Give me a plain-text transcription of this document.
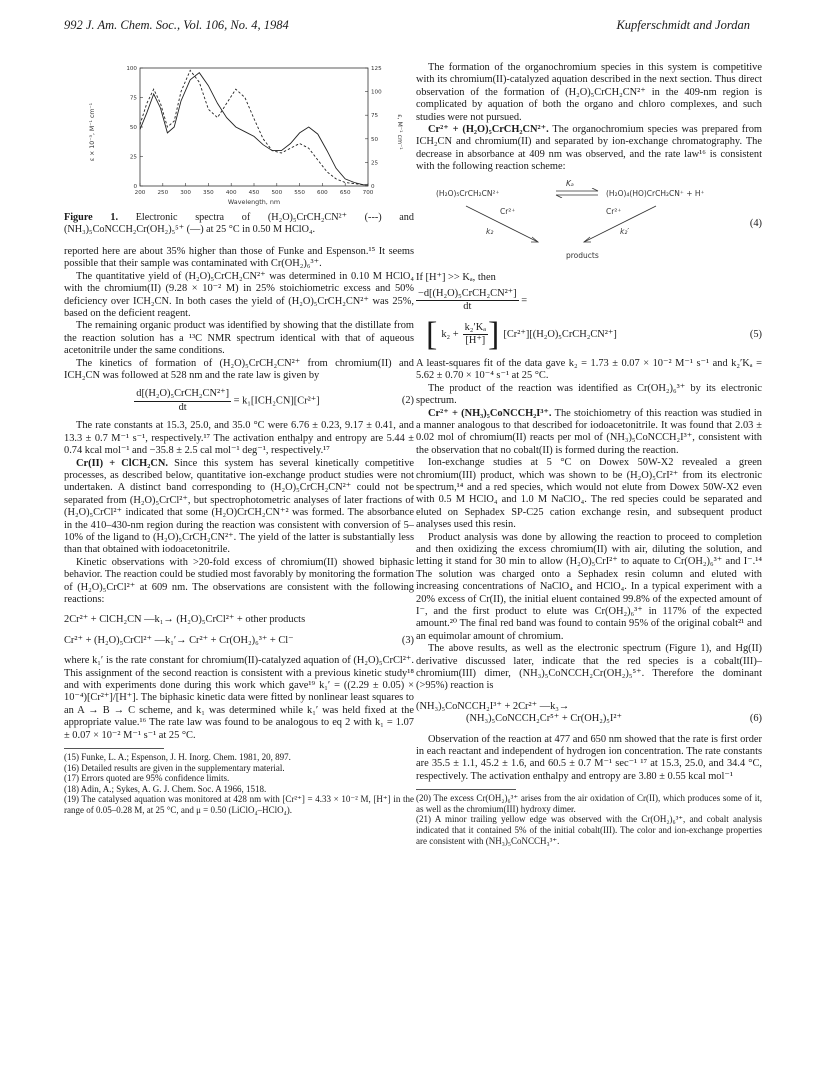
992 J. Am. Chem. Soc., Vol. 106, No. 4, 1984	Kupferschmidt and Jordan
200 250 300 350 400 450 500 550 600 650 700
0
25
50
75
100
0
25
50
75
100
125
ε × 10⁻³, M⁻¹ cm⁻¹	ε, M⁻¹ cm⁻¹
Wavelength, nm

Figure 1. Electronic spectra of (H₂O)₅CrCH₂CN²⁺ (---) and (NH₃)₅CoNCCH₂Cr(OH₂)₅⁵⁺ (—) at 25 °C in 0.50 M HClO₄.

reported here are about 35% higher than those of Funke and Espenson.¹⁵ It seems possible that their sample was contaminated with Cr(OH₂)₆³⁺.

The quantitative yield of (H₂O)₅CrCH₂CN²⁺ was determined in 0.10 M HClO₄ with the chromium(II) (9.28 × 10⁻² M) in 25% stoichiometric excess and 50% deficiency over ICH₂CN. In both cases the yield of (H₂O)₅CrCH₂CN²⁺ was 25%, based on the deficient reagent.

The remaining organic product was identified by showing that the distillate from the reaction solution has a ¹³C NMR spectrum identical with that of aqueous acetonitrile under the same conditions.

The kinetics of formation of (H₂O)₅CrCH₂CN²⁺ from chromium(II) and ICH₂CN was followed at 528 nm and the rate law is given by

$\frac{\text{d[(H₂O)₅CrCH₂CN²⁺]}}{dt} = k_1[ICH_2CN][Cr^{2+}]$	(2)

The rate constants at 15.3, 25.0, and 35.0 °C were 6.76 ± 0.23, 9.17 ± 0.41, and 13.3 ± 0.7 M⁻¹ s⁻¹, respectively.¹⁷ The activation enthalpy and entropy are 5.44 ± 0.74 kcal mol⁻¹ and −35.8 ± 2.5 cal mol⁻¹ deg⁻¹, respectively.¹⁷

Cr(II) + ClCH₂CN. Since this system has several kinetically competitive processes, as described below, quantitative ion-exchange product studies were not undertaken. A distinct band corresponding to (H₂O)₅CrCH₂CN²⁺ could not be separated from (H₂O)₅CrCl²⁺, but spectrophotometric analyses of later fractions of (H₂O)₅CrCl²⁺ indicated that some (H₂O)CrCH₂CN⁺² was formed. The absorbance in the 410–430-nm region during the reaction was consistent with conversion of 5–10% of the ligand to (H₂O)₅CrCH₂CN²⁺. The yield of the latter is substantially less than that obtained with iodoacetonitrile.

Kinetic observations with >20-fold excess of chromium(II) showed biphasic behavior. The reaction could be studied most favorably by monitoring the formation of (H₂O)₅CrCl²⁺ at 609 nm. The observations are consistent with the following reactions:

2Cr²⁺ + ClCH₂CN —k₁→ (H₂O)₅CrCl²⁺ + other products
Cr²⁺ + (H₂O)₅CrCl²⁺ —k₁′→ Cr²⁺ + Cr(OH₂)₆³⁺ + Cl⁻	(3)

where k₁′ is the rate constant for chromium(II)-catalyzed aquation of (H₂O)₅CrCl²⁺. This assignment of the second reaction is consistent with a previous kinetic study¹⁸ and with experiments done during this work which gave¹⁹ k₁′ = ((2.29 ± 0.05) × 10⁻⁴)[Cr²⁺]/[H⁺]. The biphasic kinetic data were fitted by nonlinear least squares to an A → B → C scheme, and k₁ was determined while k₁′ was held fixed at the appropriate value.¹⁶ The rate law was found to be analogous to eq 2 with k₁ = 1.07 ± 0.07 × 10⁻² M⁻¹ s⁻¹ at 25 °C.

(15) Funke, L. A.; Espenson, J. H. Inorg. Chem. 1981, 20, 897.
(16) Detailed results are given in the supplementary material.
(17) Errors quoted are 95% confidence limits.
(18) Adin, A.; Sykes, A. G. J. Chem. Soc. A 1966, 1518.
(19) The catalysed aquation was monitored at 428 nm with [Cr²⁺] = 4.33 × 10⁻² M, [H⁺] in the range of 0.05–0.28 M, at 25 °C, and μ = 0.50 (LiClO₄–HClO₄).

The formation of the organochromium species in this system is competitive with its chromium(II)-catalyzed aquation described in the next section. Thus direct observation of the formation of (H₂O)₅CrCH₂CN²⁺ in the 409-nm region is complicated by aquation of both the organo and chloro complexes, and such studies were not pursued.

Cr²⁺ + (H₂O)₅CrCH₂CN²⁺. The organochromium species was prepared from ICH₂CN and chromium(II) and separated by ion-exchange chromatography. The decrease in absorbance at 409 nm was observed, and the rate law¹⁶ is consistent with the following reaction scheme:

(H₂O)₅CrCH₂CN²⁺
Kₐ
(H₂O)₄(HO)CrCH₂CN⁺ + H⁺
Cr²⁺
k₂
Cr²⁺
k₂′
products
(4)

If [H⁺] >> Kₐ, then

$\frac{\text{−d[(H₂O)₅CrCH₂CN²⁺]}}{dt}$ =
[ $k_2 + \frac{\text{k₂′Kₐ}}{[H^+]}$ ] [Cr²⁺][(H₂O)₅CrCH₂CN²⁺]	(5)

A least-squares fit of the data gave k₂ = 1.73 ± 0.07 × 10⁻² M⁻¹ s⁻¹ and k₂′Kₐ = 5.62 ± 0.70 × 10⁻⁴ s⁻¹ at 25 °C.

The product of the reaction was identified as Cr(OH₂)₆³⁺ by its electronic spectrum.

Cr²⁺ + (NH₃)₅CoNCCH₂I³⁺. The stoichiometry of this reaction was studied in a manner analogous to that described for iodoacetonitrile. It was found that 2.03 ± 0.02 mol of chromium(II) reacts per mol of (NH₃)₅CoNCCH₂I³⁺, consistent with the observation that no cobalt(II) is formed during the reaction.

Ion-exchange studies at 5 °C on Dowex 50W-X2 revealed a green chromium(III) product, which was shown to be (H₂O)₅CrI²⁺ from its electronic spectrum,¹⁴ and a red species, which would not elute from Dowex 50W-X2 even with 0.5 M HClO₄ and 1.0 M NaClO₄. The red species could be separated and eluted on Sephadex SP-C25 cation exchange resin, and subsequent product analyses used this resin.

Product analysis was done by allowing the reaction to proceed to completion and then oxidizing the excess chromium(II) with air, diluting the solution, and letting it stand for 30 min to allow (H₂O)₅CrI²⁺ to aquate to Cr(OH₂)₆³⁺ and I⁻.¹⁴ The solution was charged onto a Sephadex resin column and eluted with increasing concentrations of NaClO₄ and HClO₄. In a typical experiment with a 20% excess of Cr(II), the initial eluent contained 99.8% of the expected amount of I⁻, and the first product to elute was Cr(OH₂)₆³⁺ in 117% of the expected amount.²⁰ The final red band was found to contain 95% of the original cobalt²¹ and an equimolar amount of chromium.

The above results, as well as the electronic spectrum (Figure 1), and Hg(II) derivative discussed later, indicate that the red species is a cobalt(III)–chromium(III) dimer, (NH₃)₅CoNCCH₂Cr(OH₂)₅⁵⁺. Therefore the dominant (>95%) reaction is

(NH₃)₅CoNCCH₂I³⁺ + 2Cr²⁺ —k₃→
(NH₃)₅CoNCCH₂Cr⁵⁺ + Cr(OH₂)₅I²⁺	(6)

Observation of the reaction at 477 and 650 nm showed that the rate is first order in each reactant and independent of hydrogen ion concentration. The rate constants are 35.5 ± 1.1, 45.2 ± 1.6, and 60.5 ± 0.7 M⁻¹ sec⁻¹ ¹⁷ at 15.3, 25.0, and 34.4 °C, respectively. The activation enthalpy and entropy are 3.80 ± 0.55 kcal mol⁻¹

(20) The excess Cr(OH₂)₆³⁺ arises from the air oxidation of Cr(II), which produces some of it, as well as the chromium(III) hydroxy dimer.
(21) A minor trailing yellow edge was observed with the Cr(OH₂)₆³⁺, and cobalt analysis indicated that it contained 5% of the initial cobalt(III). The color and ion-exchange properties are consistent with (NH₃)₅CoNCCH₃³⁺.
